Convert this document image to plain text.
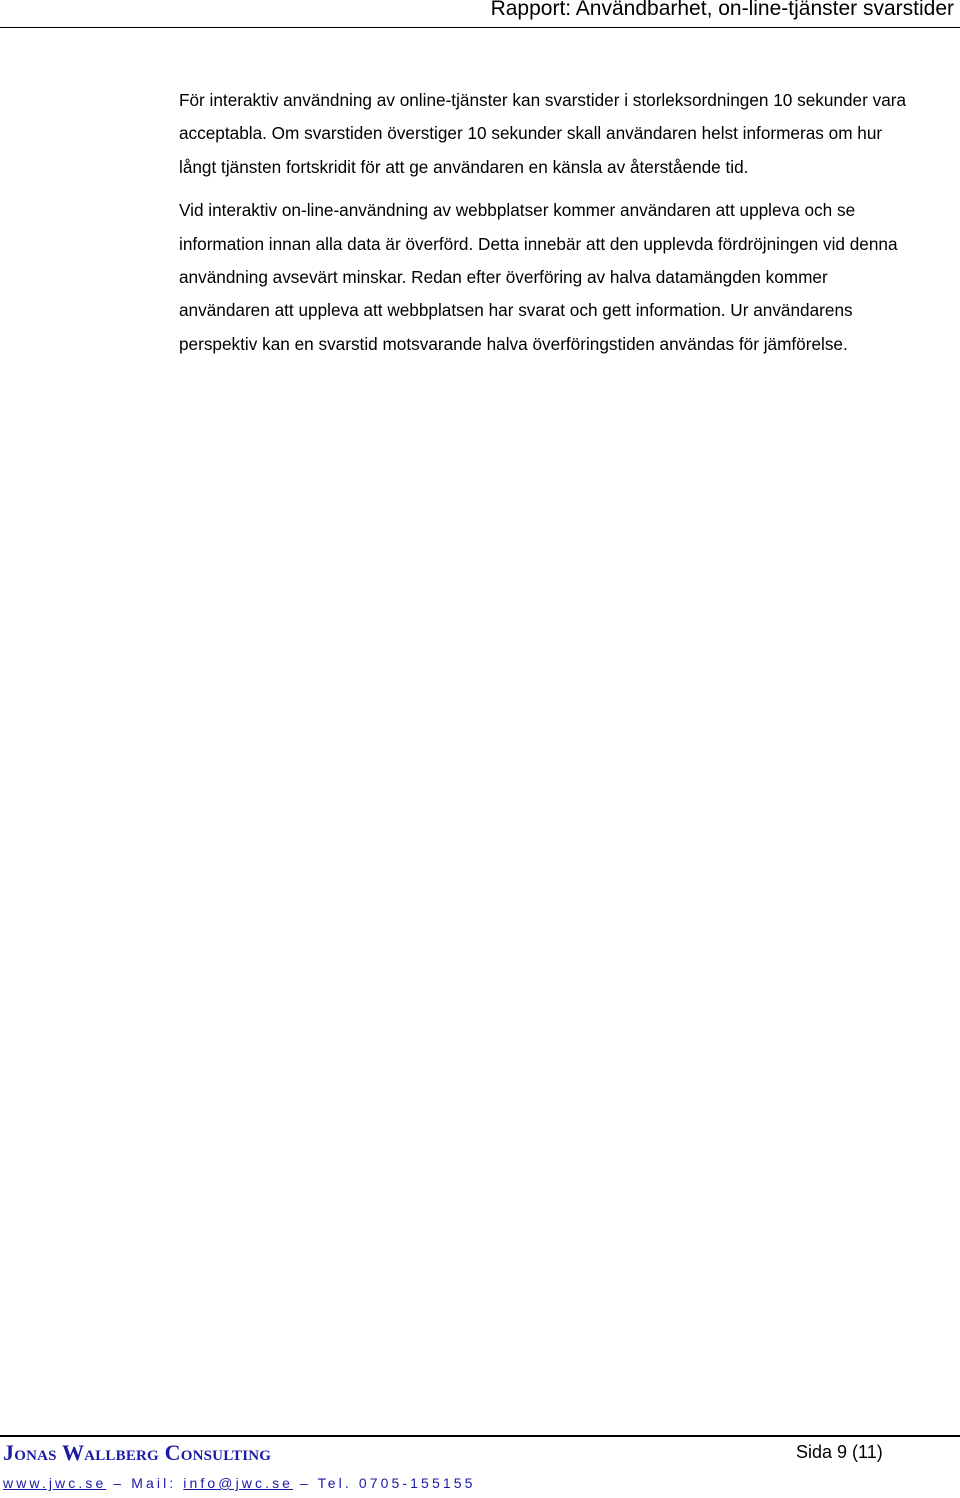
Rapport: Användbarhet, on-line-tjänster svarstider

För interaktiv användning av online-tjänster kan svarstider i storleksordningen 10 sekunder vara acceptabla. Om svarstiden överstiger 10 sekunder skall användaren helst informeras om hur långt tjänsten fortskridit för att ge användaren en känsla av återstående tid.

Vid interaktiv on-line-användning av webbplatser kommer användaren att uppleva och se information innan alla data är överförd. Detta innebär att den upplevda fördröjningen vid denna användning avsevärt minskar. Redan efter överföring av halva datamängden kommer användaren att uppleva att webbplatsen har svarat och gett information. Ur användarens perspektiv kan en svarstid motsvarande halva överföringstiden användas för jämförelse.

Jonas Wallberg Consulting	Sida 9 (11)
www.jwc.se – Mail: info@jwc.se – Tel. 0705-155155
